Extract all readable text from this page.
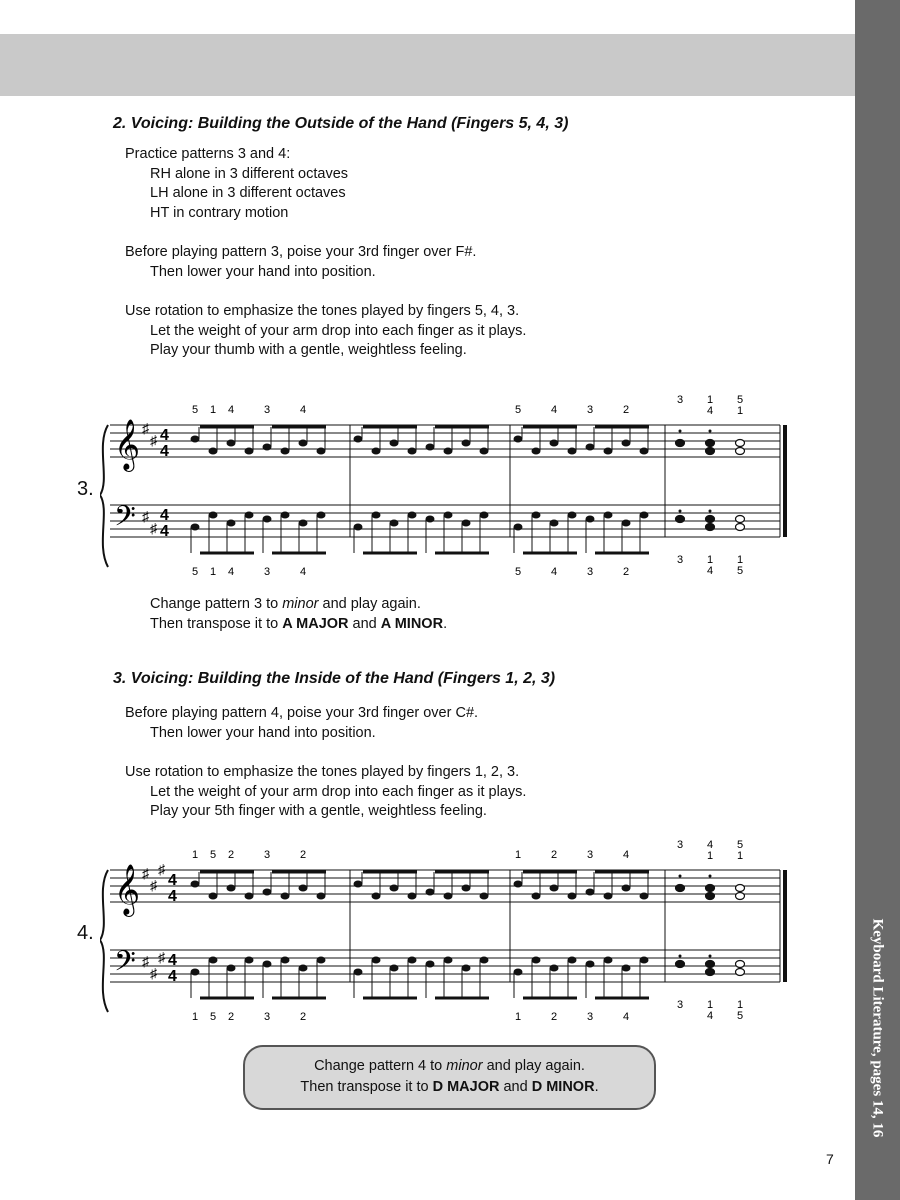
Keyboard Literature, pages 14, 16
2. Voicing: Building the Outside of the Hand (Fingers 5, 4, 3)
Practice patterns 3 and 4:
RH alone in 3 different octaves
LH alone in 3 different octaves
HT in contrary motion
Before playing pattern 3, poise your 3rd finger over F#.
Then lower your hand into position.
Use rotation to emphasize the tones played by fingers 5, 4, 3.
Let the weight of your arm drop into each finger as it plays.
Play your thumb with a gentle, weightless feeling.
3.
𝄞
𝄢
♯
♯
♯
♯
4
4
4
4
5
5
1
1
4
4
3
3
4
4
5
5
4
4
3
3
2
2
3
3
1
4
1
4
5
1
1
5
Change pattern 3 to minor and play again.
Then transpose it to A MAJOR and A MINOR.
3. Voicing: Building the Inside of the Hand (Fingers 1, 2, 3)
Before playing pattern 4, poise your 3rd finger over C#.
Then lower your hand into position.
Use rotation to emphasize the tones played by fingers 1, 2, 3.
Let the weight of your arm drop into each finger as it plays.
Play your 5th finger with a gentle, weightless feeling.
4.
𝄞
𝄢
♯
♯
♯
♯
♯
♯
4
4
4
4
1
1
5
5
2
2
3
3
2
2
1
1
2
2
3
3
4
4
3
3
4
1
1
4
5
1
1
5
Change pattern 4 to minor and play again.
Then transpose it to D MAJOR and D MINOR.
7
